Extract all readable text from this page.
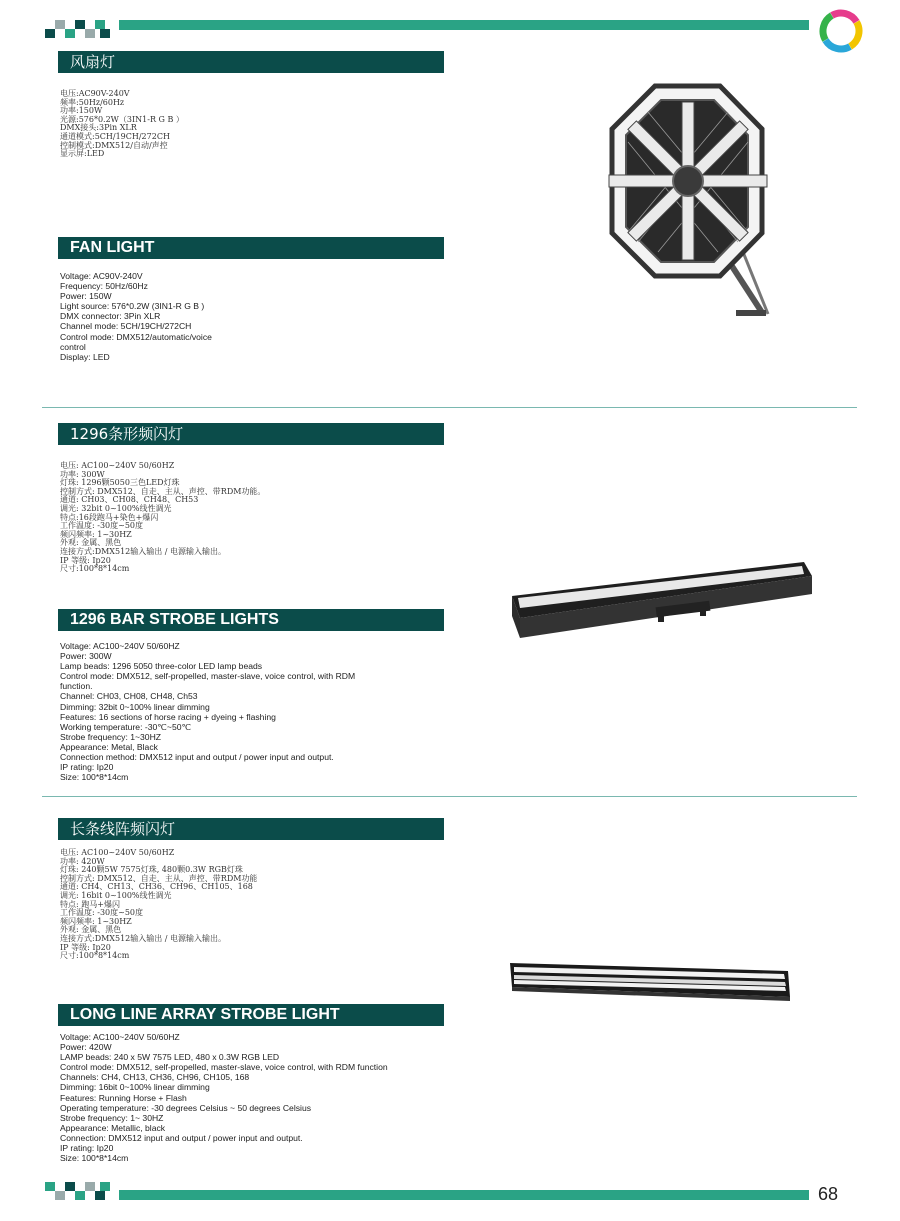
风扇灯
电压:AC90V-240V
频率:50Hz/60Hz
功率:150W
光源:576*0.2W（3IN1-R G B ）
DMX接头:3Pin XLR
通道模式:5CH/19CH/272CH
控制模式:DMX512/自动/声控
显示屏:LED
FAN LIGHT
Voltage: AC90V-240V
Frequency: 50Hz/60Hz
Power: 150W
Light source: 576*0.2W (3IN1-R G B )
DMX connector: 3Pin XLR
Channel mode: 5CH/19CH/272CH
Control mode: DMX512/automatic/voice
control
Display: LED
1296条形频闪灯
电压: AC100~240V 50/60HZ
功率: 300W
灯珠: 1296颗5050三色LED灯珠
控制方式: DMX512、自走、主从、声控、带RDM功能。
通道: CH03、CH08、CH48、CH53
调光: 32bit 0~100%线性调光
特点:16段跑马+染色+爆闪
工作温度: -30度~50度
频闪频率: 1~30HZ
外观: 金属、黑色
连接方式:DMX512输入输出 / 电源输入输出。
IP 等级: Ip20
尺寸:100*8*14cm
1296 BAR STROBE LIGHTS
Voltage: AC100~240V 50/60HZ
Power: 300W
Lamp beads: 1296 5050 three-color LED lamp beads
Control mode: DMX512, self-propelled, master-slave, voice control, with RDM
function.
Channel: CH03, CH08, CH48, Ch53
Dimming: 32bit 0~100% linear dimming
Features: 16 sections of horse racing + dyeing + flashing
Working temperature: -30℃~50℃
Strobe frequency: 1~30HZ
Appearance: Metal, Black
Connection method: DMX512 input and output / power input and output.
IP rating: Ip20
Size: 100*8*14cm
长条线阵频闪灯
电压: AC100~240V 50/60HZ
功率: 420W
灯珠: 240颗5W 7575灯珠, 480颗0.3W RGB灯珠
控制方式: DMX512、自走、主从、声控、带RDM功能
通道: CH4、CH13、CH36、CH96、CH105、168
调光: 16bit 0~100%线性调光
特点: 跑马+爆闪
工作温度: -30度~50度
频闪频率: 1~30HZ
外观: 金属、黑色
连接方式:DMX512输入输出 / 电源输入输出。
IP 等级: Ip20
尺寸:100*8*14cm
LONG LINE ARRAY STROBE LIGHT
Voltage: AC100~240V 50/60HZ
Power: 420W
LAMP beads: 240 x 5W 7575 LED, 480 x 0.3W RGB LED
Control mode: DMX512, self-propelled, master-slave, voice control, with RDM function
Channels: CH4, CH13, CH36, CH96, CH105, 168
Dimming: 16bit 0~100% linear dimming
Features: Running Horse + Flash
Operating temperature: -30 degrees Celsius ~ 50 degrees Celsius
Strobe frequency: 1~ 30HZ
Appearance: Metallic, black
Connection: DMX512 input and output / power input and output.
IP rating: Ip20
Size: 100*8*14cm
68
